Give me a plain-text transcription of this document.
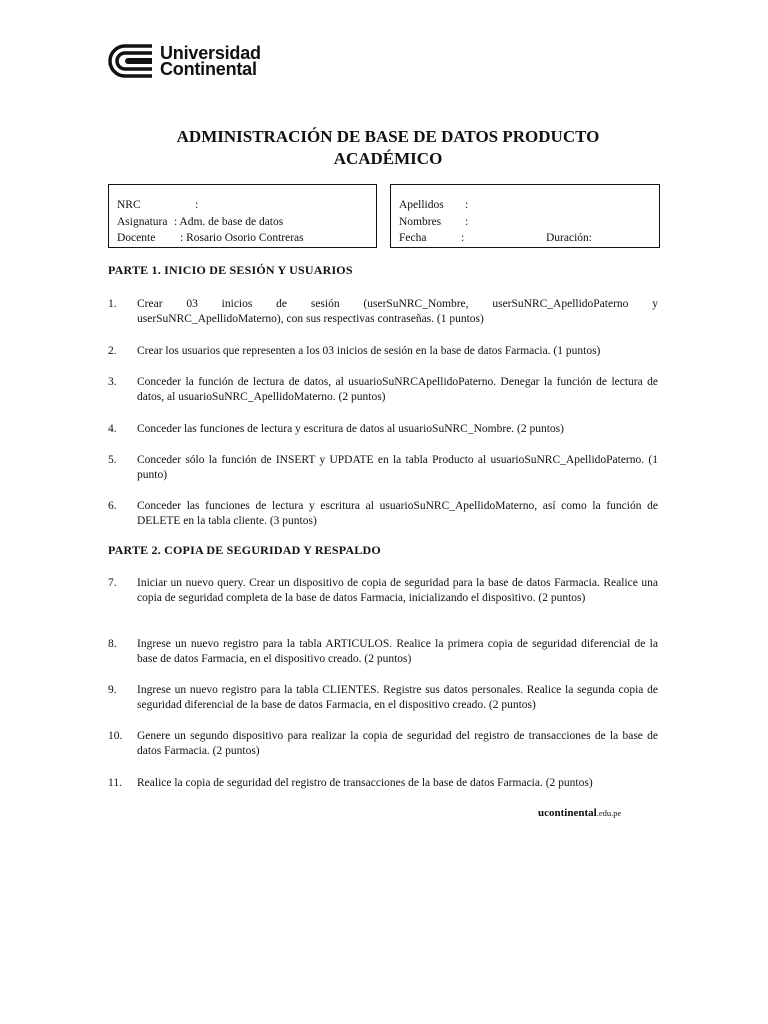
Universidad
Continental
ADMINISTRACIÓN DE BASE DE DATOS PRODUCTO
ACADÉMICO
NRC	:
Asignatura : Adm. de base de datos
Docente : Rosario Osorio Contreras
Apellidos :
Nombres :
Fecha	:	Duración:
PARTE 1. INICIO DE SESIÓN Y USUARIOS
1. Crear 03 inicios de sesión (userSuNRC_Nombre, userSuNRC_ApellidoPaterno y userSuNRC_ApellidoMaterno), con sus respectivas contraseñas. (1 puntos)
2. Crear los usuarios que representen a los 03 inicios de sesión en la base de datos Farmacia. (1 puntos)
3. Conceder la función de lectura de datos, al usuarioSuNRCApellidoPaterno. Denegar la función de lectura de datos, al usuarioSuNRC_ApellidoMaterno. (2 puntos)
4. Conceder las funciones de lectura y escritura de datos al usuarioSuNRC_Nombre. (2 puntos)
5. Conceder sólo la función de INSERT y UPDATE en la tabla Producto al usuarioSuNRC_ApellidoPaterno. (1 punto)
6. Conceder las funciones de lectura y escritura al usuarioSuNRC_ApellidoMaterno, así como la función de DELETE en la tabla cliente. (3 puntos)
PARTE 2. COPIA DE SEGURIDAD Y RESPALDO
7. Iniciar un nuevo query. Crear un dispositivo de copia de seguridad para la base de datos Farmacia. Realice una copia de seguridad completa de la base de datos Farmacia, inicializando el dispositivo. (2 puntos)
8. Ingrese un nuevo registro para la tabla ARTICULOS. Realice la primera copia de seguridad diferencial de la base de datos Farmacia, en el dispositivo creado. (2 puntos)
9. Ingrese un nuevo registro para la tabla CLIENTES. Registre sus datos personales. Realice la segunda copia de seguridad diferencial de la base de datos Farmacia, en el dispositivo creado. (2 puntos)
10. Genere un segundo dispositivo para realizar la copia de seguridad del registro de transacciones de la base de datos Farmacia. (2 puntos)
11. Realice la copia de seguridad del registro de transacciones de la base de datos Farmacia. (2 puntos)
ucontinental.edu.pe
